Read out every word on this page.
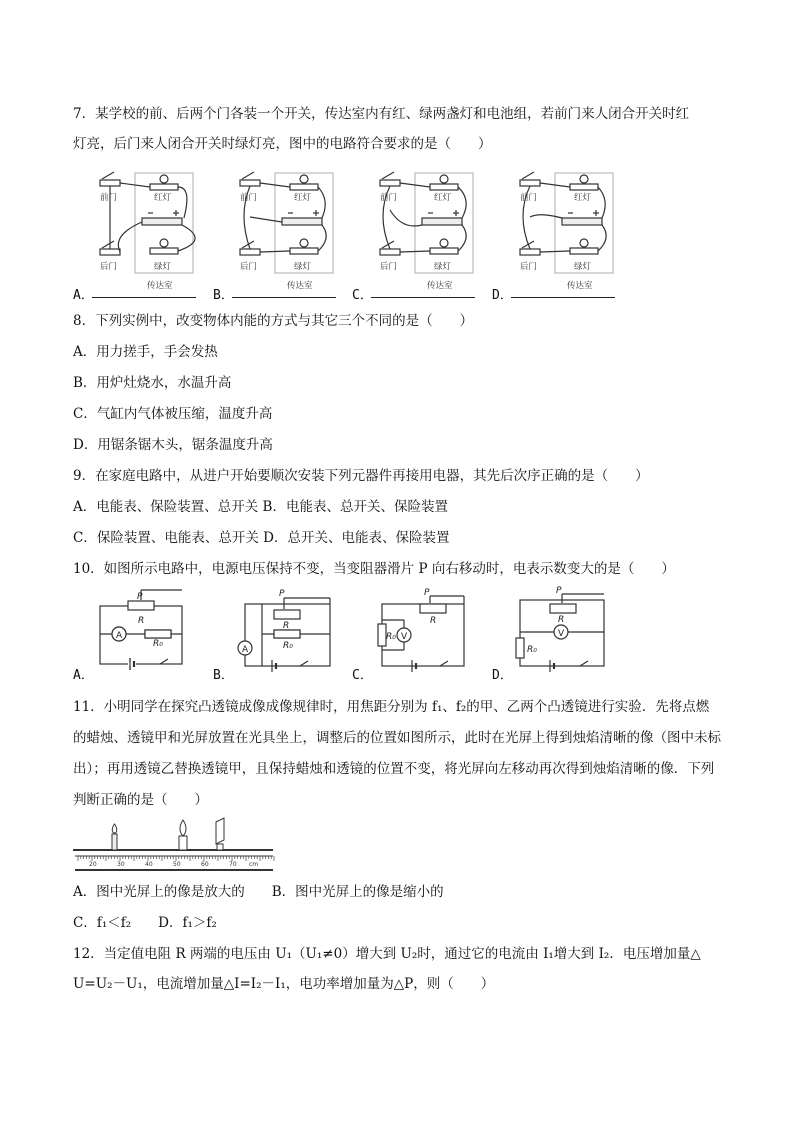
7．某学校的前、后两个门各装一个开关，传达室内有红、绿两盏灯和电池组，若前门来人闭合开关时红
灯亮，后门来人闭合开关时绿灯亮，图中的电路符合要求的是（　　）
前门
后门
红灯
绿灯
传达室
前门
后门
红灯
绿灯
传达室
前门
后门
红灯
绿灯
传达室
前门
后门
红灯
绿灯
传达室
A．	B．	C．	D．
8．下列实例中，改变物体内能的方式与其它三个不同的是（　　）
A．用力搓手，手会发热
B．用炉灶烧水，水温升高
C．气缸内气体被压缩，温度升高
D．用锯条锯木头，锯条温度升高
9．在家庭电路中，从进户开始要顺次安装下列元器件再接用电器，其先后次序正确的是（　　）
A．电能表、保险装置、总开关 B．电能表、总开关、保险装置
C．保险装置、电能表、总开关 D．总开关、电能表、保险装置
10．如图所示电路中，电源电压保持不变，当变阻器滑片 P 向右移动时，电表示数变大的是（　　）
P
R
R₀
A
P
R
R₀
A
P
R
R₀ V
P
R
R₀
V
A．	B．	C．	D．
11．小明同学在探究凸透镜成像成像规律时，用焦距分别为 f₁、f₂的甲、乙两个凸透镜进行实验．先将点燃的蜡烛、透镜甲和光屏放置在光具坐上，调整后的位置如图所示，此时在光屏上得到烛焰清晰的像（图中未标出）；再用透镜乙替换透镜甲，且保持蜡烛和透镜的位置不变，将光屏向左移动再次得到烛焰清晰的像．下列判断正确的是（　　）
20	30	40	50	60	70 cm
A．图中光屏上的像是放大的　　B．图中光屏上的像是缩小的
C．f₁＜f₂　　D．f₁＞f₂
12．当定值电阻 R 两端的电压由 U₁（U₁≠0）增大到 U₂时，通过它的电流由 I₁增大到 I₂．电压增加量△
U=U₂－U₁，电流增加量△I=I₂－I₁，电功率增加量为△P，则（　　）
